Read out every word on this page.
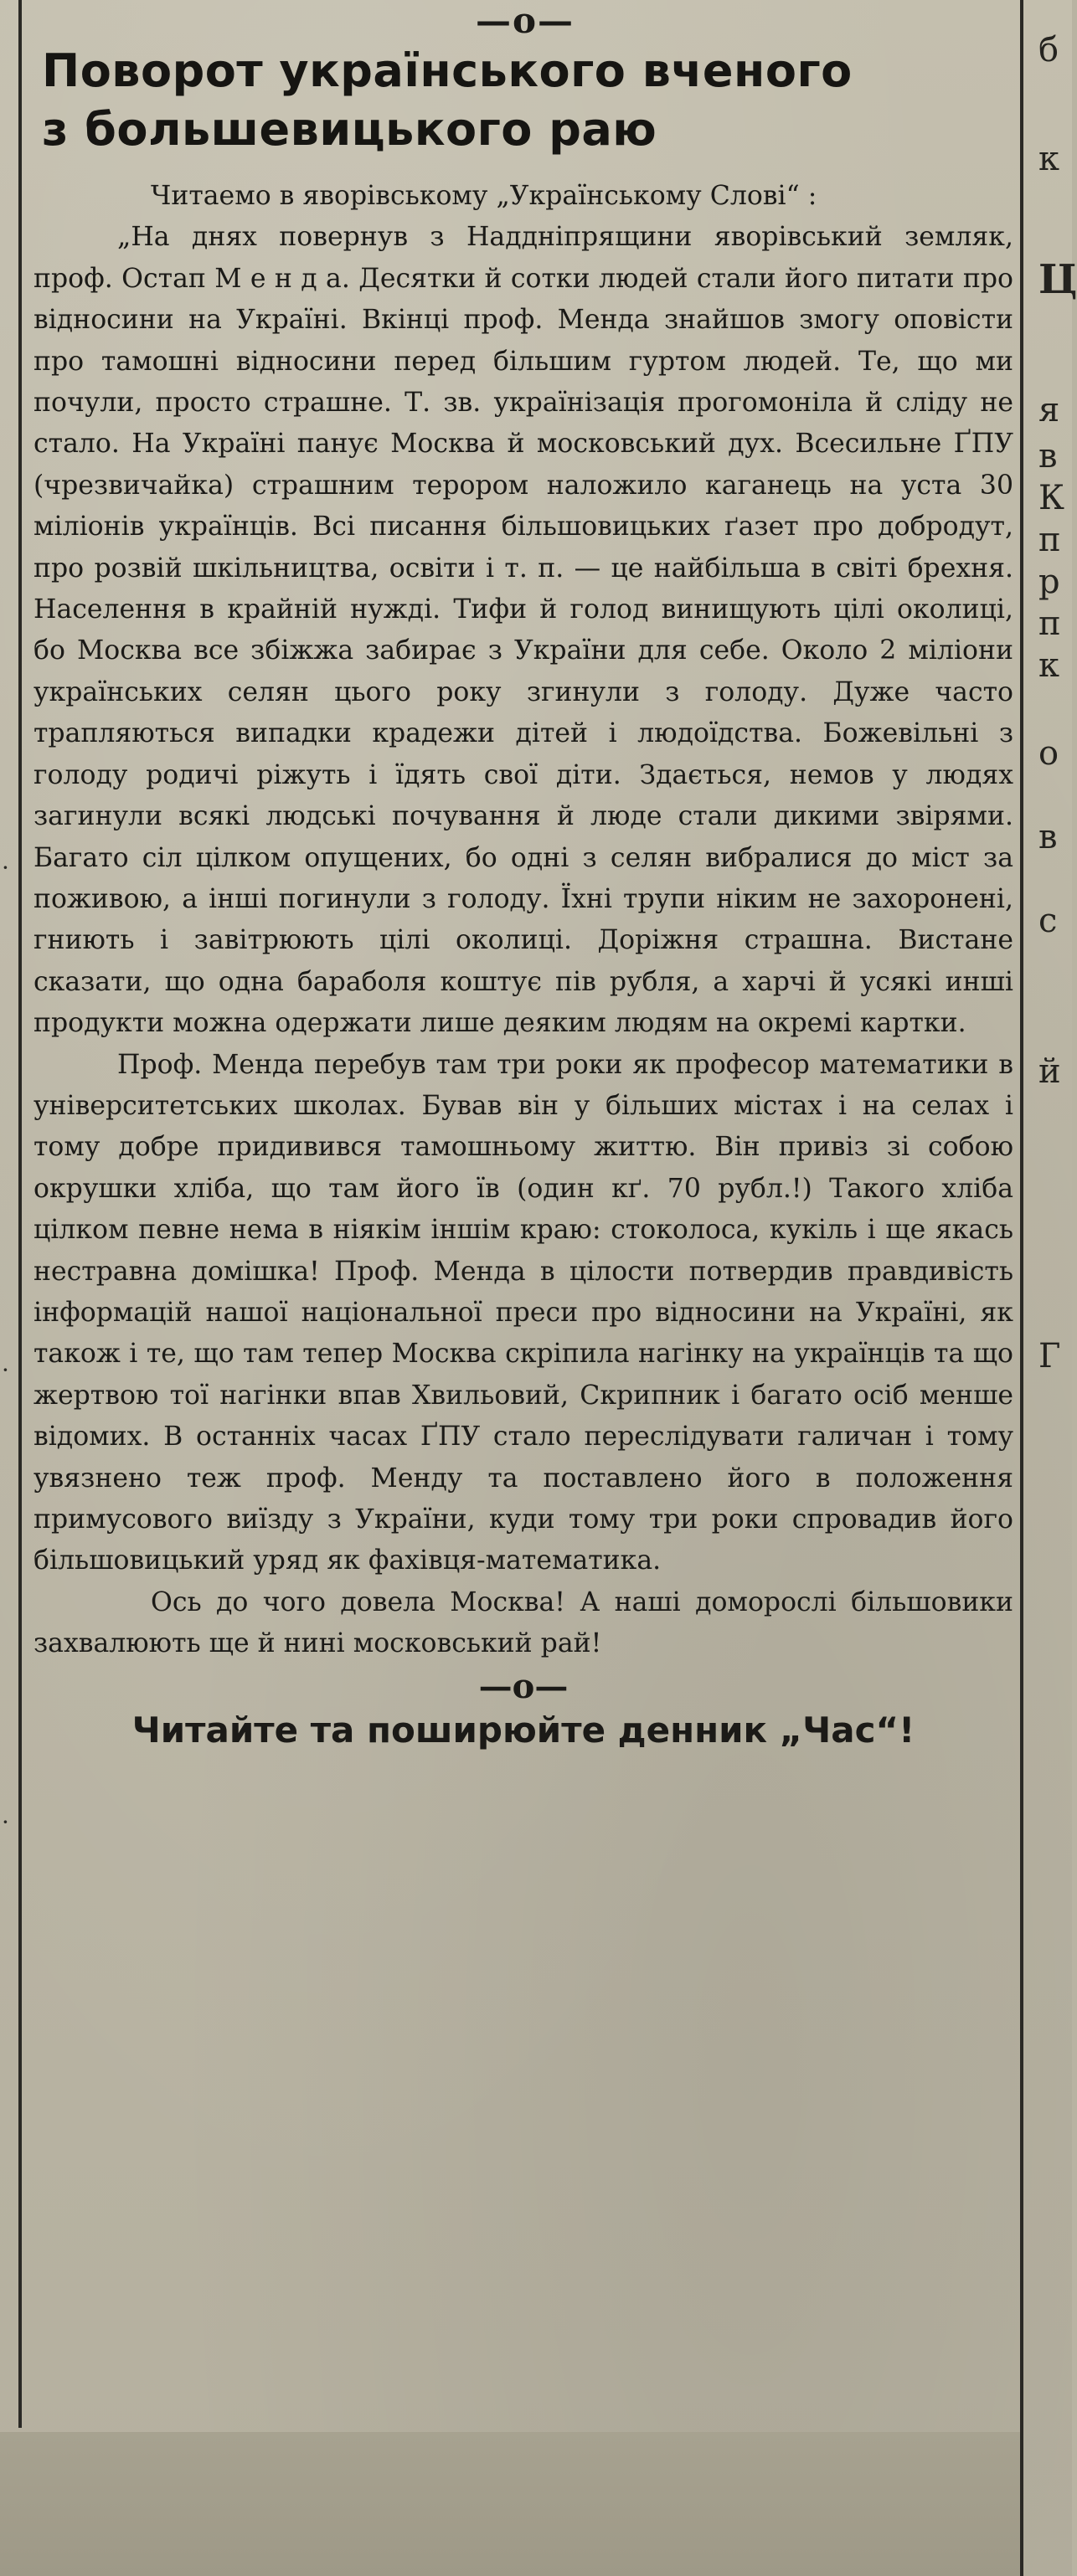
—o—
Поворот українського вченого
з большевицького раю

Читаемо в яворівському „Українському Слові“ :

„На днях повернув з Наддніпрящини яворівський земляк, проф. Остап М е н д а. Десятки й сотки людей стали його питати про відносини на Україні. Вкінці проф. Менда знайшов змогу оповісти про тамошні відносини перед більшим гуртом людей. Те, що ми почули, просто страшне. Т. зв. українізація прогомоніла й сліду не стало. На Україні панує Москва й московський дух. Всесильне ҐПУ (чрезвичайка) страшним терором наложило каганець на уста 30 міліонів українців. Всі писання більшовицьких ґазет про добродут, про розвій шкільництва, освіти і т. п. — це найбільша в світі брехня. Населення в крайній нужді. Тифи й голод винищують цілі околиці, бо Москва все збіжжа забирає з України для себе. Около 2 міліони українських селян цього року згинули з голоду. Дуже часто трапляються випадки крадежи дітей і людоїдства. Божевільні з голоду родичі ріжуть і їдять свої діти. Здається, немов у людях загинули всякі людські почування й люде стали дикими звірями. Багато сіл цілком опущених, бо одні з селян вибралися до міст за поживою, а інші погинули з голоду. Їхні трупи ніким не захоронені, гниють і завітрюють цілі околиці. Доріжня страшна. Вистане сказати, що одна бараболя коштує пів рубля, а харчі й усякі инші продукти можна одержати лише деяким людям на окремі картки.

Проф. Менда перебув там три роки як професор математики в університетських школах. Бував він у більших містах і на селах і тому добре придивився тамошньому життю. Він привіз зі собою окрушки хліба, що там його їв (один кґ. 70 рубл.!) Такого хліба цілком певне нема в ніякім іншім краю: стоколоса, кукіль і ще якась нестравна домішка! Проф. Менда в цілости потвердив правдивість інформацій нашої національної преси про відносини на Україні, як також і те, що там тепер Москва скріпила нагінку на українців та що жертвою тої нагінки впав Хвильовий, Скрипник і багато осіб менше відомих. В останніх часах ҐПУ стало переслідувати галичан і тому увязнено теж проф. Менду та поставлено його в положення примусового виїзду з України, куди тому три роки спровадив його більшовицький уряд як фахівця-математика.

Ось до чого довела Москва! А наші доморослі більшовики захвалюють ще й нині московський рай!

—o—
Читайте та поширюйте денник „Час“!
б
к
Ц
я
в
К
п
р
п
к
о
в
с
й
Г
·
·
·
